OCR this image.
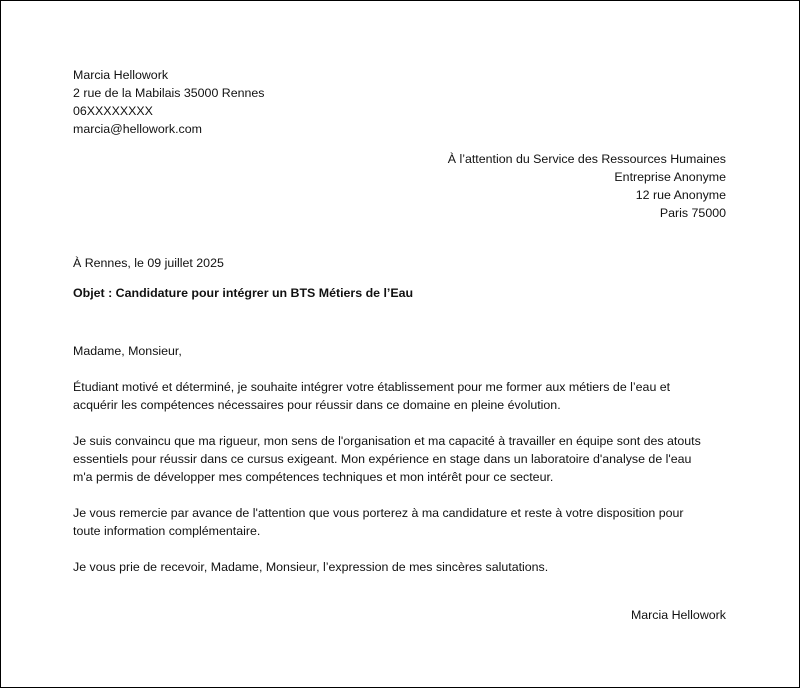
Marcia Hellowork
2 rue de la Mabilais 35000 Rennes
06XXXXXXXX
marcia@hellowork.com
À l’attention du Service des Ressources Humaines
Entreprise Anonyme
12 rue Anonyme
Paris 75000
À Rennes, le 09 juillet 2025
Objet : Candidature pour intégrer un BTS Métiers de l’Eau
Madame, Monsieur,
Étudiant motivé et déterminé, je souhaite intégrer votre établissement pour me former aux métiers de l’eau et
acquérir les compétences nécessaires pour réussir dans ce domaine en pleine évolution.
Je suis convaincu que ma rigueur, mon sens de l'organisation et ma capacité à travailler en équipe sont des atouts
essentiels pour réussir dans ce cursus exigeant. Mon expérience en stage dans un laboratoire d'analyse de l'eau
m'a permis de développer mes compétences techniques et mon intérêt pour ce secteur.
Je vous remercie par avance de l'attention que vous porterez à ma candidature et reste à votre disposition pour
toute information complémentaire.
Je vous prie de recevoir, Madame, Monsieur, l’expression de mes sincères salutations.
Marcia Hellowork
